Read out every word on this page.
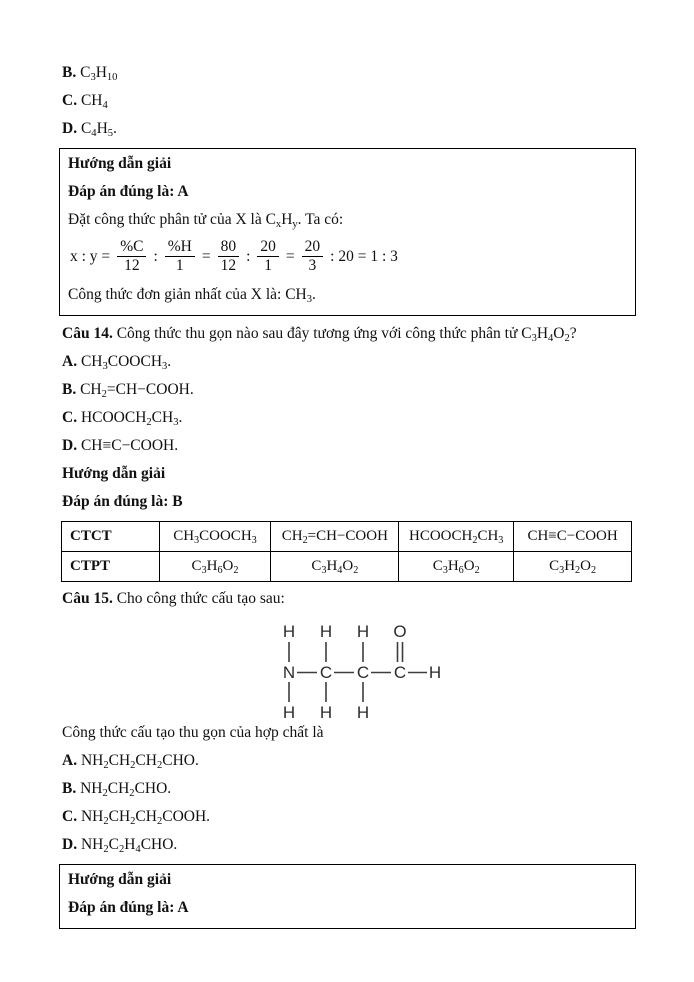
B. $C_3H_{10}$

C. $CH_4$

D. $C_4H_5$.

Hướng dẫn giải

Đáp án đúng là: A

Đặt công thức phân tử của X là $C_xH_y$. Ta có:

x : $y = \frac{\%C}{12}$ : $\frac{\%H}{1} = \frac{80}{12}$ : $\frac{20}{1} = \frac{20}{3}$ : 20 = 1 : 3

Công thức đơn giản nhất của X là: $CH_3$.

Câu 14. Công thức thu gọn nào sau đây tương ứng với công thức phân tử $C_3H_4O_2$?

A. $CH_3COOCH_3$.

B. $CH_2=CH-COOH$.

C. $HCOOCH_2CH_3$.

D. CH≡C−COOH.

Hướng dẫn giải

Đáp án đúng là: B

CTCT	$CH_3COOCH_3$	$CH_2=CH-COOH$	$HCOOCH_2CH_3$	CH≡C−COOH
CTPT	$C_3H_6O_2$	$C_3H_4O_2$	$C_3H_6O_2$	$C_3H_2O_2$

Câu 15. Cho công thức cấu tạo sau:

H H H O
N C C C H
H H H

Công thức cấu tạo thu gọn của hợp chất là

A. $NH_2CH_2CH_2CHO$.

B. $NH_2CH_2CHO$.

C. $NH_2CH_2CH_2COOH$.

D. $NH_2C_2H_4CHO$.

Hướng dẫn giải

Đáp án đúng là: A
